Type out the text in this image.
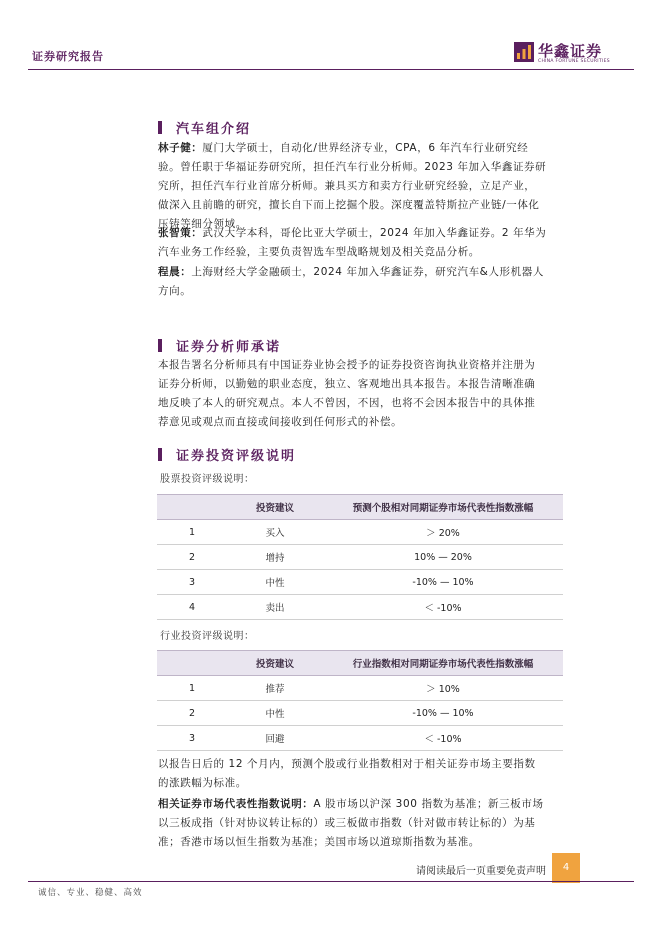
证券研究报告	华鑫证券
CHINA FORTUNE SECURITIES
汽车组介绍
林子健：厦门大学硕士，自动化/世界经济专业，CPA，6 年汽车行业研究经
验。曾任职于华福证券研究所，担任汽车行业分析师。2023 年加入华鑫证券研
究所，担任汽车行业首席分析师。兼具买方和卖方行业研究经验，立足产业，
做深入且前瞻的研究，擅长自下而上挖掘个股。深度覆盖特斯拉产业链/一体化
压铸等细分领域。
张智策：武汉大学本科，哥伦比亚大学硕士，2024 年加入华鑫证券。2 年华为
汽车业务工作经验，主要负责智选车型战略规划及相关竞品分析。
程晨：上海财经大学金融硕士，2024 年加入华鑫证券，研究汽车&人形机器人
方向。
证券分析师承诺
本报告署名分析师具有中国证券业协会授予的证券投资咨询执业资格并注册为
证券分析师，以勤勉的职业态度，独立、客观地出具本报告。本报告清晰准确
地反映了本人的研究观点。本人不曾因，不因，也将不会因本报告中的具体推
荐意见或观点而直接或间接收到任何形式的补偿。
证券投资评级说明
股票投资评级说明：
	投资建议	预测个股相对同期证券市场代表性指数涨幅
1	买入	＞ 20%
2	增持	10% — 20%
3	中性	-10% — 10%
4	卖出	＜ -10%
行业投资评级说明：
	投资建议	行业指数相对同期证券市场代表性指数涨幅
1	推荐	＞ 10%
2	中性	-10% — 10%
3	回避	＜ -10%
以报告日后的 12 个月内，预测个股或行业指数相对于相关证券市场主要指数
的涨跌幅为标准。
相关证券市场代表性指数说明：A 股市场以沪深 300 指数为基准；新三板市场
以三板成指（针对协议转让标的）或三板做市指数（针对做市转让标的）为基
准；香港市场以恒生指数为基准；美国市场以道琼斯指数为基准。
请阅读最后一页重要免责声明	4
诚信、专业、稳健、高效
